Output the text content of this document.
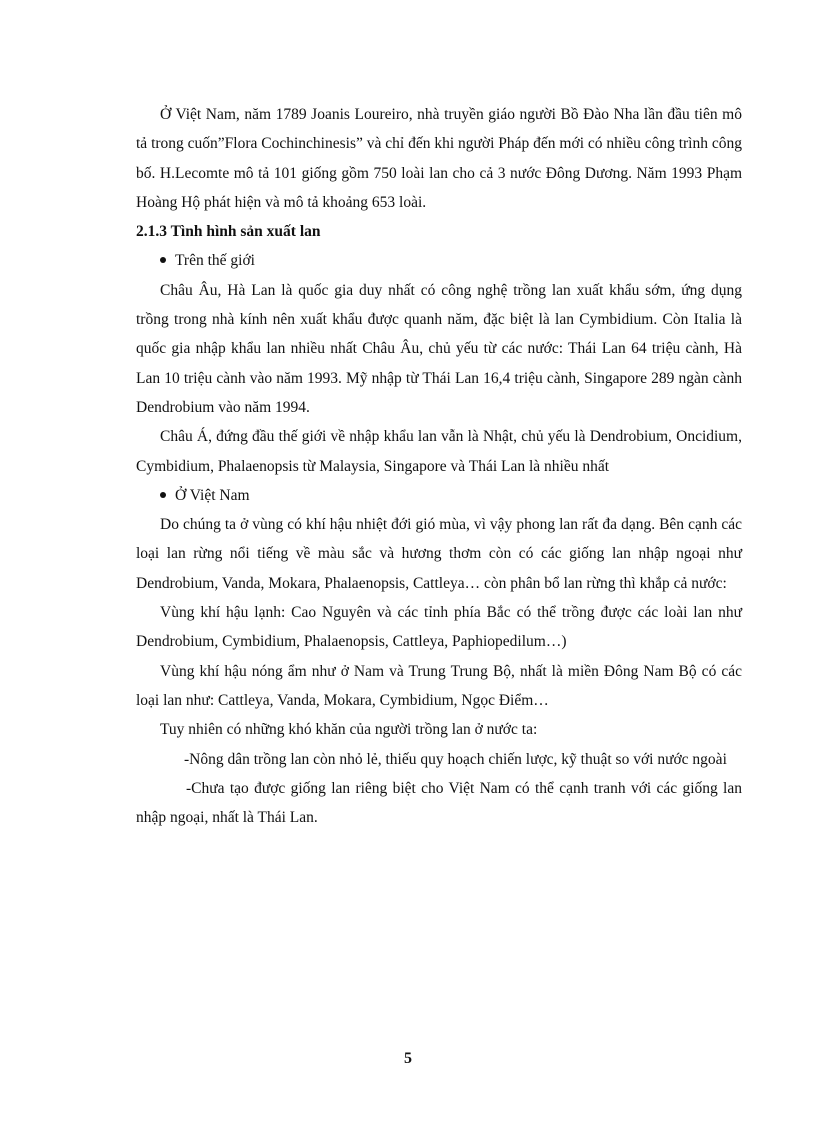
Ở Việt Nam, năm 1789 Joanis Loureiro, nhà truyền giáo người Bồ Đào Nha lần đầu tiên mô tả trong cuốn”Flora Cochinchinesis” và chỉ đến khi người Pháp đến mới có nhiều công trình công bố. H.Lecomte mô tả 101 giống gồm 750 loài lan cho cả 3 nước Đông Dương. Năm 1993 Phạm Hoàng Hộ phát hiện và mô tả khoảng 653 loài.

2.1.3 Tình hình sản xuất lan

Trên thế giới

Châu Âu, Hà Lan là quốc gia duy nhất có công nghệ trồng lan xuất khẩu sớm, ứng dụng trồng trong nhà kính nên xuất khẩu được quanh năm, đặc biệt là lan Cymbidium. Còn Italia là quốc gia nhập khẩu lan nhiều nhất Châu Âu, chủ yếu từ các nước: Thái Lan 64 triệu cành, Hà Lan 10 triệu cành vào năm 1993. Mỹ nhập từ Thái Lan 16,4 triệu cành, Singapore 289 ngàn cành Dendrobium vào năm 1994.

Châu Á, đứng đầu thế giới về nhập khẩu lan vẫn là Nhật, chủ yếu là Dendrobium, Oncidium, Cymbidium, Phalaenopsis từ Malaysia, Singapore và Thái Lan là nhiều nhất

Ở Việt Nam

Do chúng ta ở vùng có khí hậu nhiệt đới gió mùa, vì vậy phong lan rất đa dạng. Bên cạnh các loại lan rừng nổi tiếng về màu sắc và hương thơm còn có các giống lan nhập ngoại như Dendrobium, Vanda, Mokara, Phalaenopsis, Cattleya… còn phân bổ lan rừng thì khắp cả nước:

Vùng khí hậu lạnh: Cao Nguyên và các tỉnh phía Bắc có thể trồng được các loài lan như Dendrobium, Cymbidium, Phalaenopsis, Cattleya, Paphiopedilum…)

Vùng khí hậu nóng ẩm như ở Nam và Trung Trung Bộ, nhất là miền Đông Nam Bộ có các loại lan như: Cattleya, Vanda, Mokara, Cymbidium, Ngọc Điểm…

Tuy nhiên có những khó khăn của người trồng lan ở nước ta:

-Nông dân trồng lan còn nhỏ lẻ, thiếu quy hoạch chiến lược, kỹ thuật so với nước ngoài

-Chưa tạo được giống lan riêng biệt cho Việt Nam có thể cạnh tranh với các giống lan nhập ngoại, nhất là Thái Lan.

5
